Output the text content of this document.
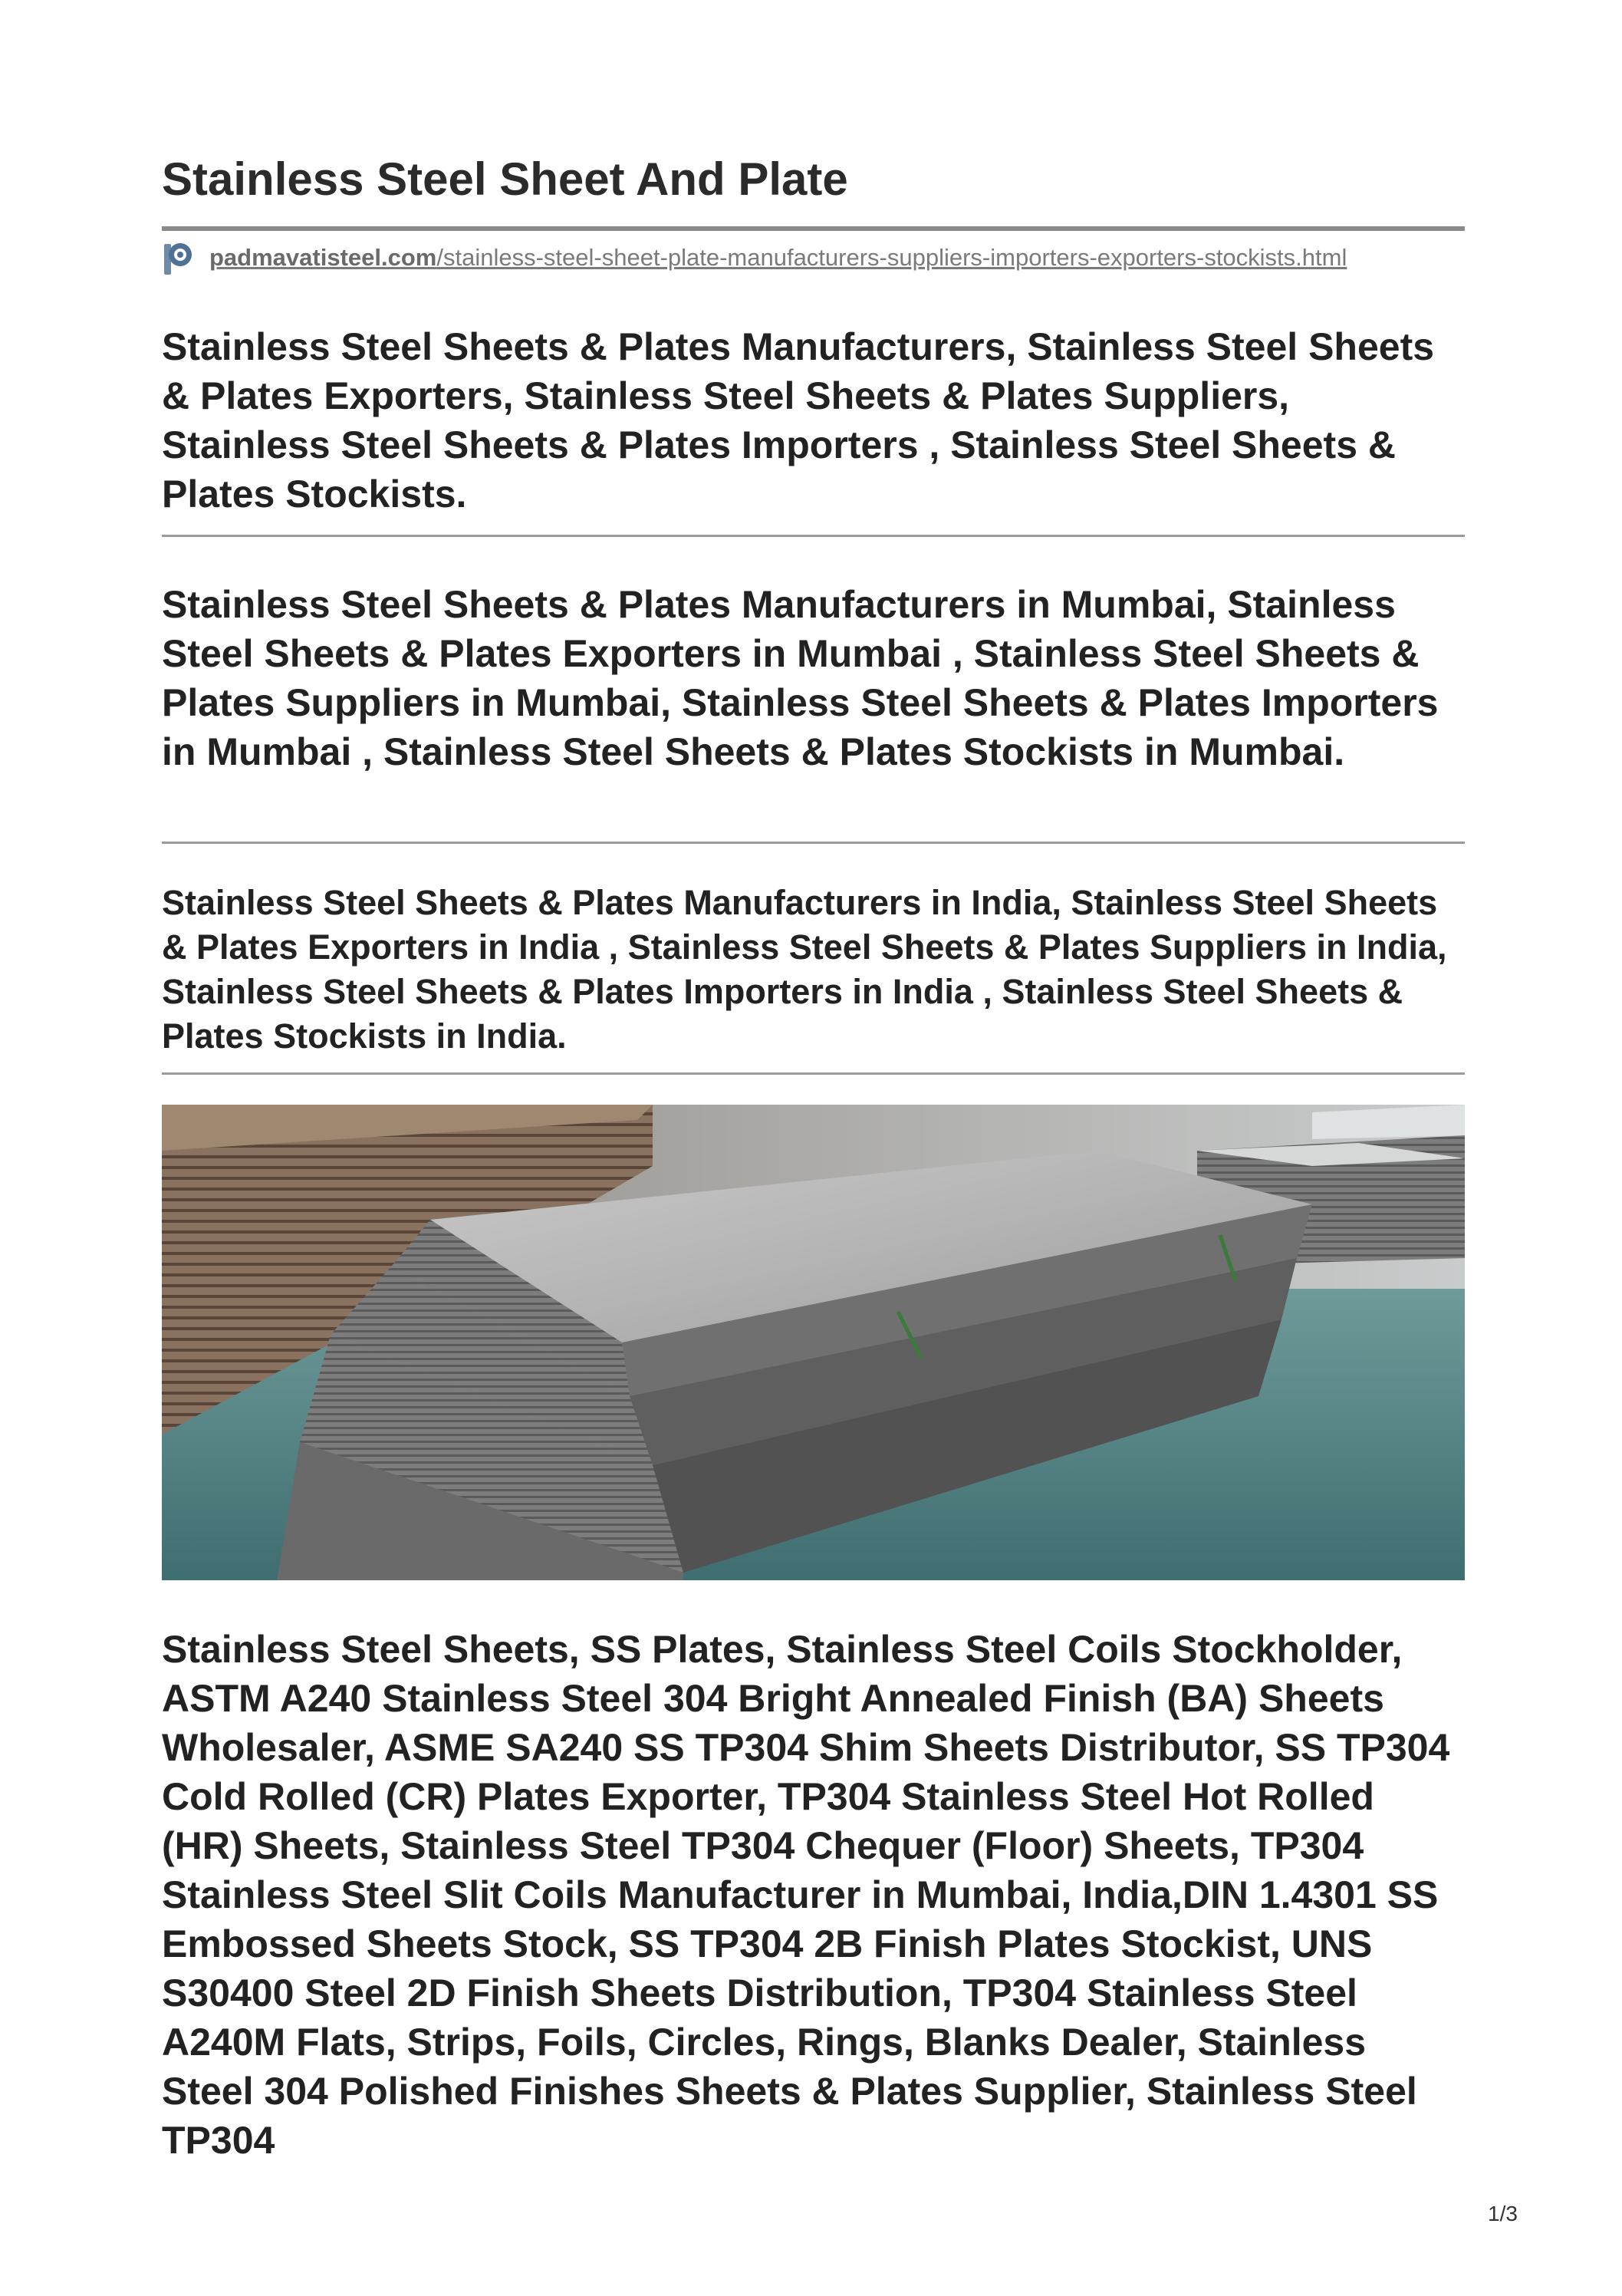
Stainless Steel Sheet And Plate
padmavatisteel.com/stainless-steel-sheet-plate-manufacturers-suppliers-importers-exporters-stockists.html

Stainless Steel Sheets & Plates Manufacturers, Stainless Steel Sheets & Plates Exporters, Stainless Steel Sheets & Plates Suppliers, Stainless Steel Sheets & Plates Importers , Stainless Steel Sheets & Plates Stockists.

Stainless Steel Sheets & Plates Manufacturers in Mumbai, Stainless Steel Sheets & Plates Exporters in Mumbai , Stainless Steel Sheets & Plates Suppliers in Mumbai, Stainless Steel Sheets & Plates Importers in Mumbai , Stainless Steel Sheets & Plates Stockists in Mumbai.

Stainless Steel Sheets & Plates Manufacturers in India, Stainless Steel Sheets & Plates Exporters in India , Stainless Steel Sheets & Plates Suppliers in India, Stainless Steel Sheets & Plates Importers in India , Stainless Steel Sheets & Plates Stockists in India.

Stainless Steel Sheets, SS Plates, Stainless Steel Coils Stockholder, ASTM A240 Stainless Steel 304 Bright Annealed Finish (BA) Sheets Wholesaler, ASME SA240 SS TP304 Shim Sheets Distributor, SS TP304 Cold Rolled (CR) Plates Exporter, TP304 Stainless Steel Hot Rolled (HR) Sheets, Stainless Steel TP304 Chequer (Floor) Sheets, TP304 Stainless Steel Slit Coils Manufacturer in Mumbai, India,DIN 1.4301 SS Embossed Sheets Stock, SS TP304 2B Finish Plates Stockist, UNS S30400 Steel 2D Finish Sheets Distribution, TP304 Stainless Steel A240M Flats, Strips, Foils, Circles, Rings, Blanks Dealer, Stainless Steel 304 Polished Finishes Sheets & Plates Supplier, Stainless Steel TP304

1/3
